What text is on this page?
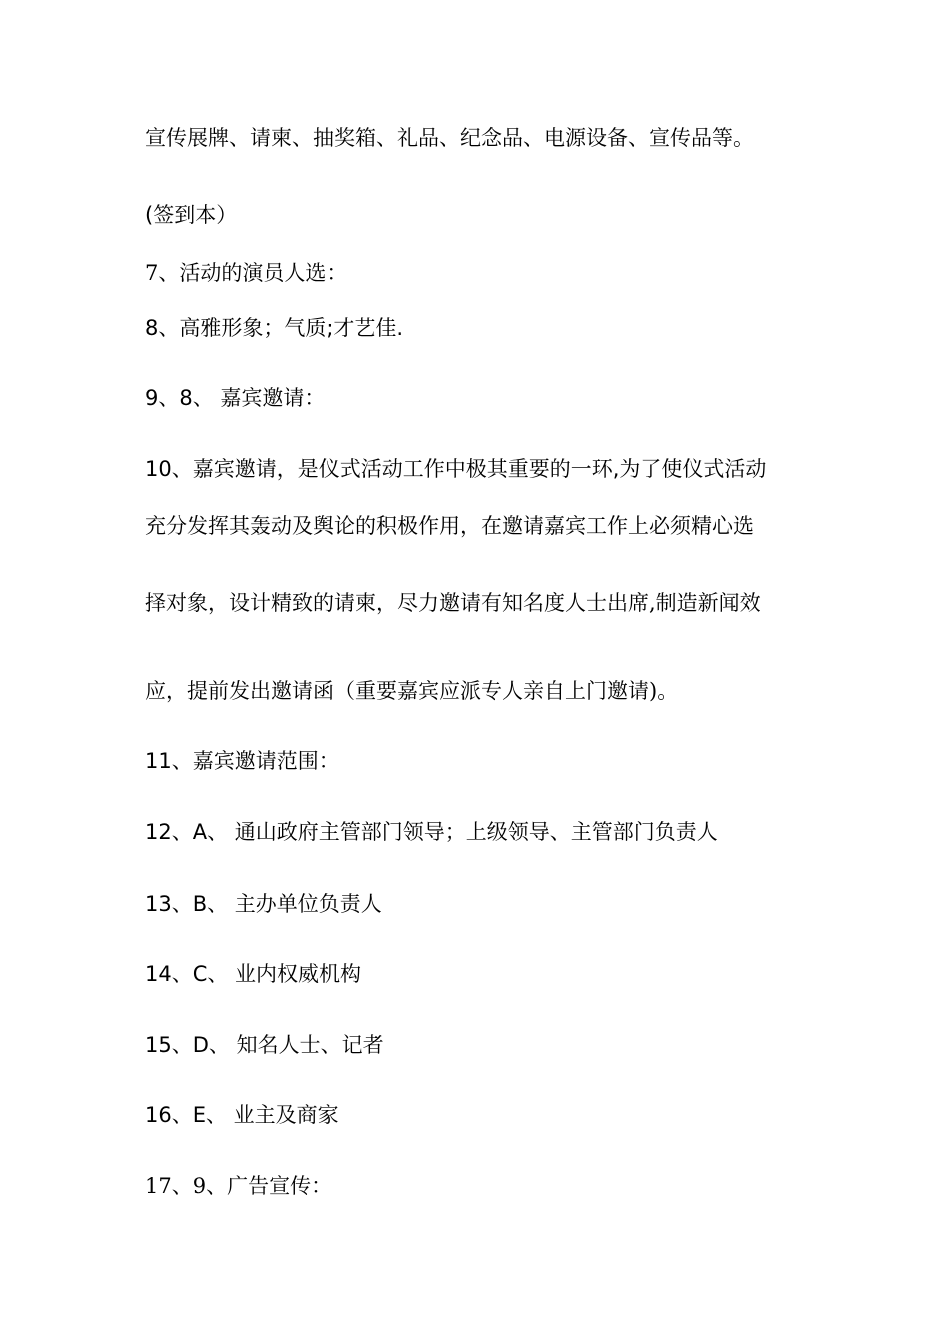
宣传展牌、请柬、抽奖箱、礼品、纪念品、电源设备、宣传品等。
(签到本）
7、活动的演员人选：
8、高雅形象；气质;才艺佳.
9、8、 嘉宾邀请：
10、嘉宾邀请，是仪式活动工作中极其重要的一环,为了使仪式活动
充分发挥其轰动及舆论的积极作用，在邀请嘉宾工作上必须精心选
择对象，设计精致的请柬，尽力邀请有知名度人士出席,制造新闻效
应，提前发出邀请函（重要嘉宾应派专人亲自上门邀请)。
11、嘉宾邀请范围：
12、A、 通山政府主管部门领导；上级领导、主管部门负责人
13、B、 主办单位负责人
14、C、 业内权威机构
15、D、 知名人士、记者
16、E、 业主及商家
17、9、广告宣传：
